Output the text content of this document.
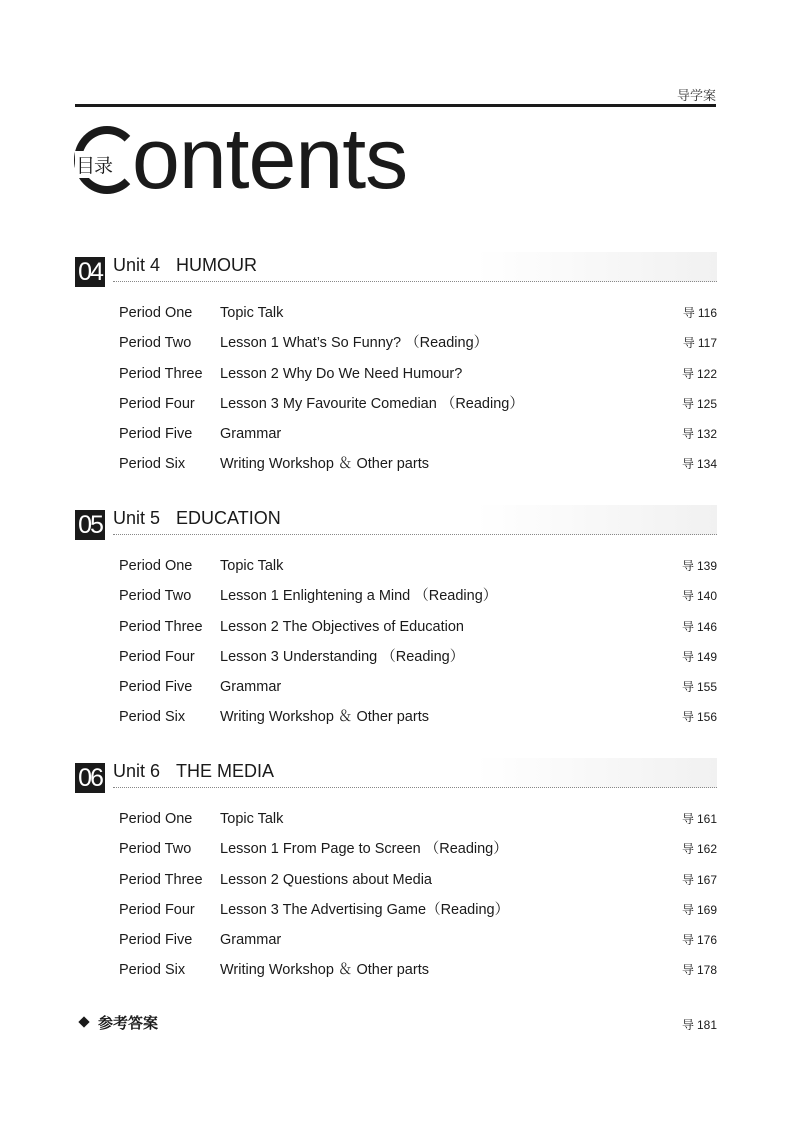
导学案
目录 ontents
04 Unit 4 HUMOUR
Period One Topic Talk	导 116
Period Two Lesson 1 What’s So Funny? （Reading）	导 117
Period Three Lesson 2 Why Do We Need Humour?	导 122
Period Four Lesson 3 My Favourite Comedian （Reading）	导 125
Period Five Grammar	导 132
Period Six Writing Workshop ＆ Other parts	导 134
05 Unit 5 EDUCATION
Period One Topic Talk	导 139
Period Two Lesson 1 Enlightening a Mind （Reading）	导 140
Period Three Lesson 2 The Objectives of Education	导 146
Period Four Lesson 3 Understanding （Reading）	导 149
Period Five Grammar	导 155
Period Six Writing Workshop ＆ Other parts	导 156
06 Unit 6 THE MEDIA
Period One Topic Talk	导 161
Period Two Lesson 1 From Page to Screen （Reading）	导 162
Period Three Lesson 2 Questions about Media	导 167
Period Four Lesson 3 The Advertising Game（Reading）	导 169
Period Five Grammar	导 176
Period Six Writing Workshop ＆ Other parts	导 178
参考答案	导 181
